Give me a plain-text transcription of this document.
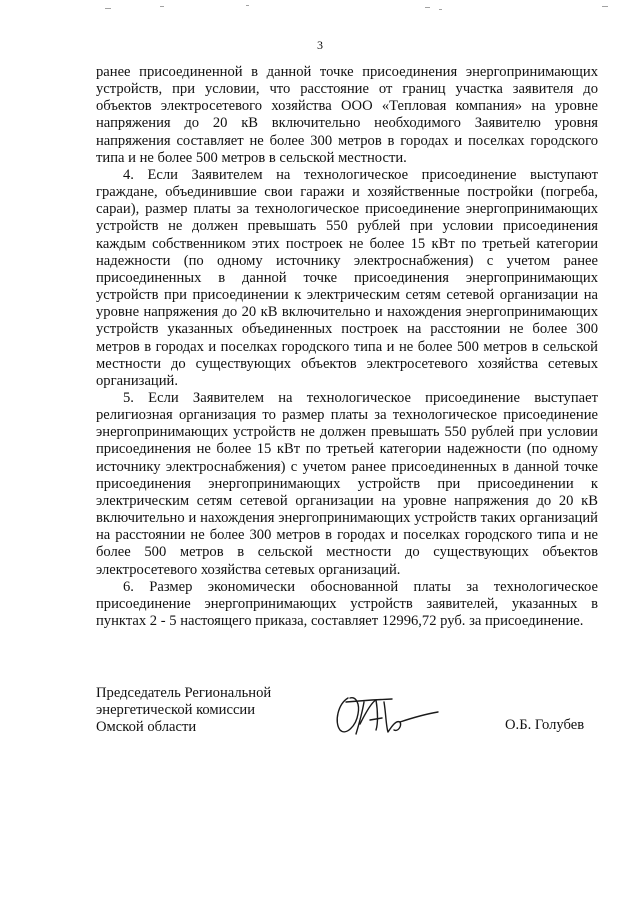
3

ранее присоединенной в данной точке присоединения энергопринимающих устройств, при условии, что расстояние от границ участка заявителя до объектов электросетевого хозяйства ООО «Тепловая компания» на уровне напряжения до 20 кВ включительно необходимого Заявителю уровня напряжения составляет не более 300 метров в городах и поселках городского типа и не более 500 метров в сельской местности.

4. Если Заявителем на технологическое присоединение выступают граждане, объединившие свои гаражи и хозяйственные постройки (погреба, сараи), размер платы за технологическое присоединение энергопринимающих устройств не должен превышать 550 рублей при условии присоединения каждым собственником этих построек не более 15 кВт по третьей категории надежности (по одному источнику электроснабжения) с учетом ранее присоединенных в данной точке присоединения энергопринимающих устройств при присоединении к электрическим сетям сетевой организации на уровне напряжения до 20 кВ включительно и нахождения энергопринимающих устройств указанных объединенных построек на расстоянии не более 300 метров в городах и поселках городского типа и не более 500 метров в сельской местности до существующих объектов электросетевого хозяйства сетевых организаций.

5. Если Заявителем на технологическое присоединение выступает религиозная организация то размер платы за технологическое присоединение энергопринимающих устройств не должен превышать 550 рублей при условии присоединения не более 15 кВт по третьей категории надежности (по одному источнику электроснабжения) с учетом ранее присоединенных в данной точке присоединения энергопринимающих устройств при присоединении к электрическим сетям сетевой организации на уровне напряжения до 20 кВ включительно и нахождения энергопринимающих устройств таких организаций на расстоянии не более 300 метров в городах и поселках городского типа и не более 500 метров в сельской местности до существующих объектов электросетевого хозяйства сетевых организаций.

6. Размер экономически обоснованной платы за технологическое присоединение энергопринимающих устройств заявителей, указанных в пунктах 2 - 5 настоящего приказа, составляет 12996,72 руб. за присоединение.

Председатель Региональной
энергетической комиссии
Омской области	О.Б. Голубев
